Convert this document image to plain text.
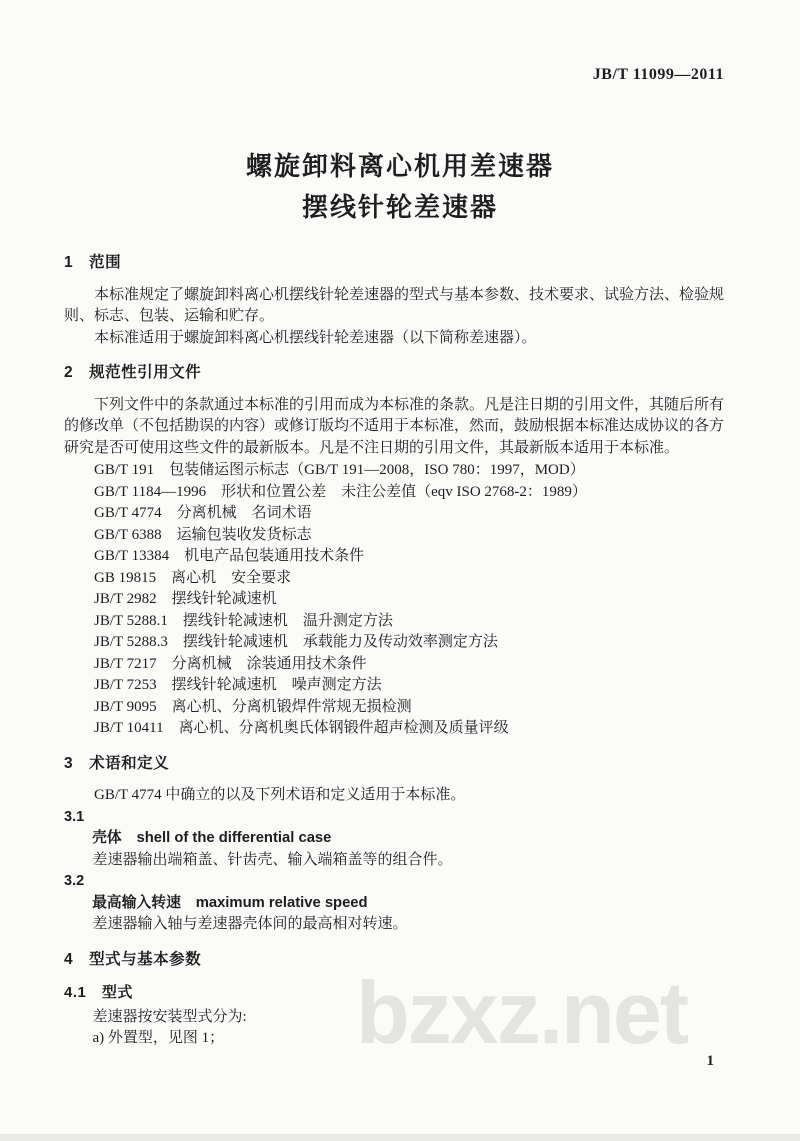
JB/T 11099—2011
螺旋卸料离心机用差速器
摆线针轮差速器
1　范围

本标准规定了螺旋卸料离心机摆线针轮差速器的型式与基本参数、技术要求、试验方法、检验规则、标志、包装、运输和贮存。

本标准适用于螺旋卸料离心机摆线针轮差速器（以下简称差速器）。

2　规范性引用文件

下列文件中的条款通过本标准的引用而成为本标准的条款。凡是注日期的引用文件，其随后所有的修改单（不包括勘误的内容）或修订版均不适用于本标准，然而，鼓励根据本标准达成协议的各方研究是否可使用这些文件的最新版本。凡是不注日期的引用文件，其最新版本适用于本标准。

GB/T 191　包装储运图示标志（GB/T 191—2008，ISO 780：1997，MOD）
GB/T 1184—1996　形状和位置公差　未注公差值（eqv ISO 2768-2：1989）
GB/T 4774　分离机械　名词术语
GB/T 6388　运输包装收发货标志
GB/T 13384　机电产品包装通用技术条件
GB 19815　离心机　安全要求
JB/T 2982　摆线针轮减速机
JB/T 5288.1　摆线针轮减速机　温升测定方法
JB/T 5288.3　摆线针轮减速机　承载能力及传动效率测定方法
JB/T 7217　分离机械　涂装通用技术条件
JB/T 7253　摆线针轮减速机　噪声测定方法
JB/T 9095　离心机、分离机锻焊件常规无损检测
JB/T 10411　离心机、分离机奥氏体钢锻件超声检测及质量评级
3　术语和定义

GB/T 4774 中确立的以及下列术语和定义适用于本标准。

3.1
壳体　shell of the differential case
差速器输出端箱盖、针齿壳、输入端箱盖等的组合件。
3.2
最高输入转速　maximum relative speed
差速器输入轴与差速器壳体间的最高相对转速。
4　型式与基本参数
4.1　型式
差速器按安装型式分为:
a) 外置型，见图 1；	bzxz.net 1
